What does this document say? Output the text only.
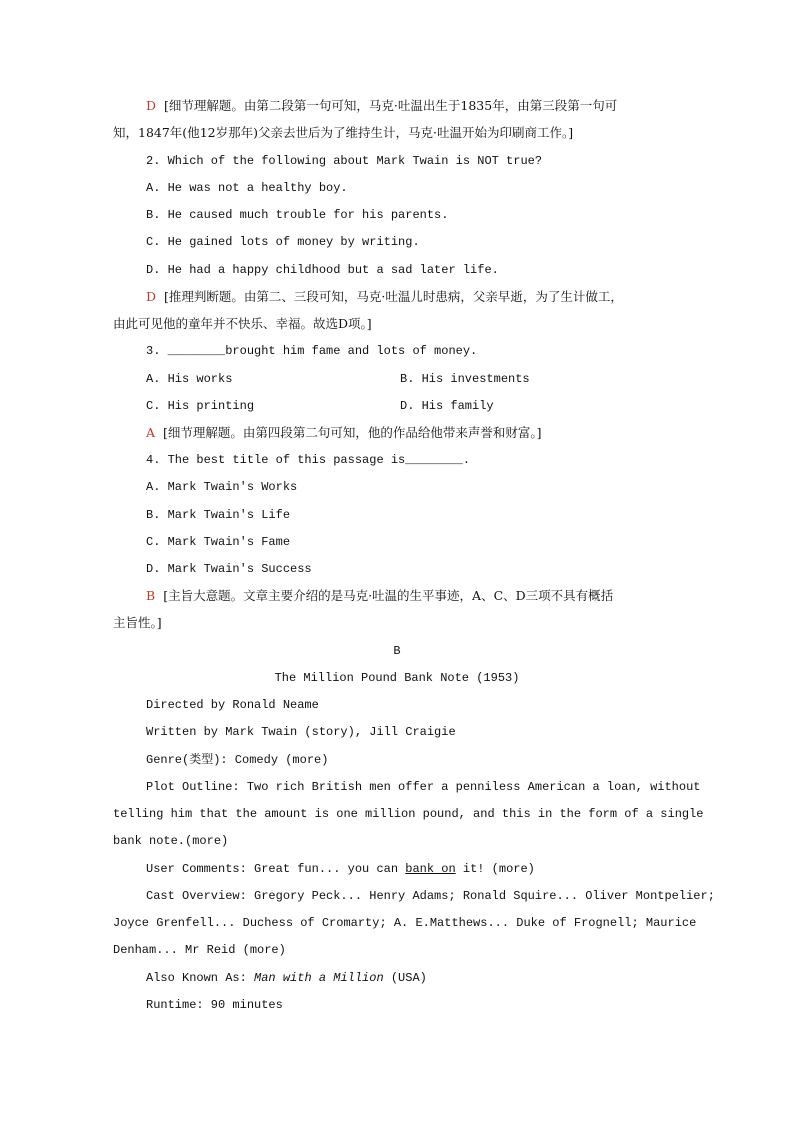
D [细节理解题。由第二段第一句可知，马克·吐温出生于1835年，由第三段第一句可
知，1847年(他12岁那年)父亲去世后为了维持生计，马克·吐温开始为印刷商工作。]
2. Which of the following about Mark Twain is NOT true?
A. He was not a healthy boy.
B. He caused much trouble for his parents.
C. He gained lots of money by writing.
D. He had a happy childhood but a sad later life.
D [推理判断题。由第二、三段可知，马克·吐温儿时患病，父亲早逝，为了生计做工，
由此可见他的童年并不快乐、幸福。故选D项。]
3. ________brought him fame and lots of money.
A. His works	B. His investments
C. His printing	D. His family
A [细节理解题。由第四段第二句可知，他的作品给他带来声誉和财富。]
4. The best title of this passage is________.
A. Mark Twain's Works
B. Mark Twain's Life
C. Mark Twain's Fame
D. Mark Twain's Success
B [主旨大意题。文章主要介绍的是马克·吐温的生平事迹，A、C、D三项不具有概括
主旨性。]
B
The Million Pound Bank Note (1953)
Directed by Ronald Neame
Written by Mark Twain (story), Jill Craigie
Genre(类型): Comedy (more)
Plot Outline: Two rich British men offer a penniless American a loan, without
telling him that the amount is one million pound, and this in the form of a single
bank note.(more)
User Comments: Great fun... you can bank on it! (more)
Cast Overview: Gregory Peck... Henry Adams; Ronald Squire... Oliver Montpelier;
Joyce Grenfell... Duchess of Cromarty; A. E.Matthews... Duke of Frognell; Maurice
Denham... Mr Reid (more)
Also Known As: Man with a Million (USA)
Runtime: 90 minutes
